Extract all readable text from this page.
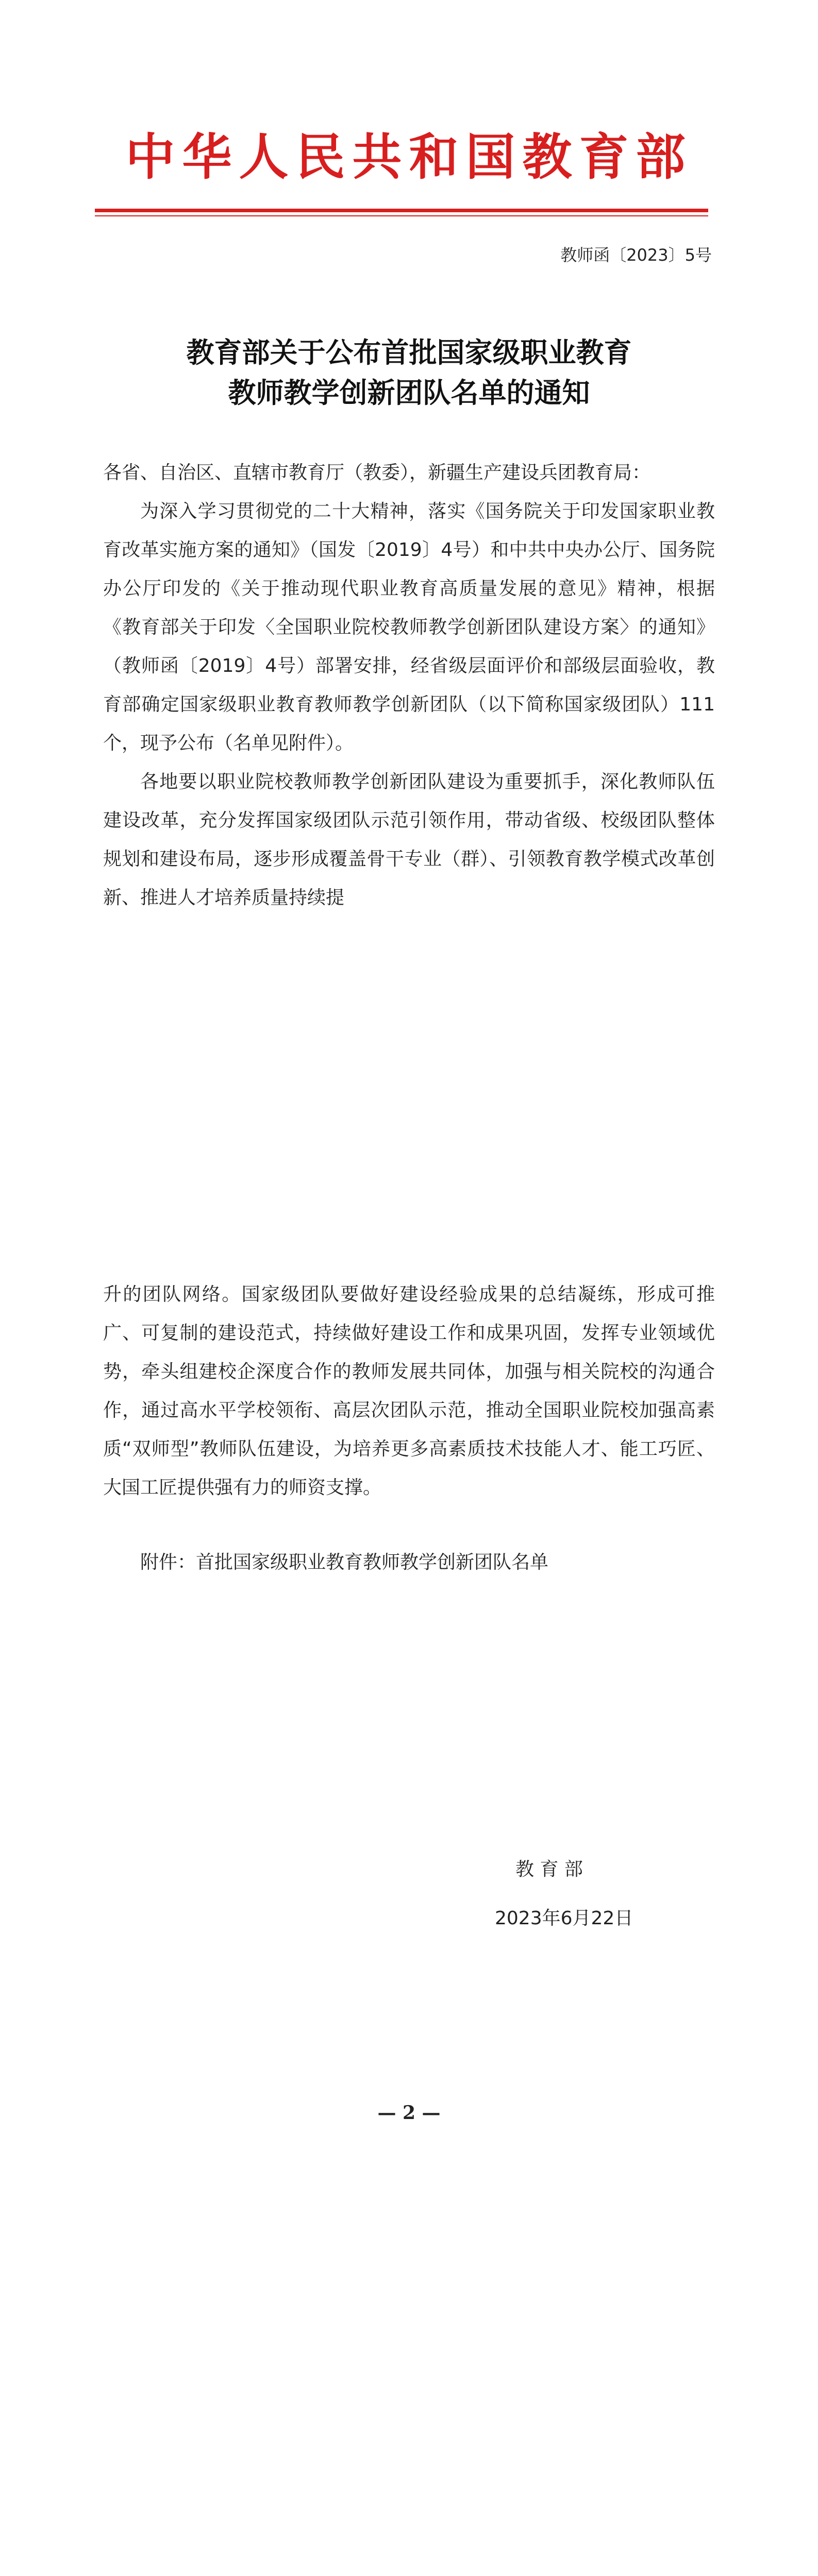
中华人民共和国教育部
教师函〔2023〕5号
教育部关于公布首批国家级职业教育
教师教学创新团队名单的通知

各省、自治区、直辖市教育厅（教委），新疆生产建设兵团教育局：

为深入学习贯彻党的二十大精神，落实《国务院关于印发国家职业教育改革实施方案的通知》（国发〔2019〕4号）和中共中央办公厅、国务院办公厅印发的《关于推动现代职业教育高质量发展的意见》精神，根据《教育部关于印发〈全国职业院校教师教学创新团队建设方案〉的通知》（教师函〔2019〕4号）部署安排，经省级层面评价和部级层面验收，教育部确定国家级职业教育教师教学创新团队（以下简称国家级团队）111个，现予公布（名单见附件）。

各地要以职业院校教师教学创新团队建设为重要抓手，深化教师队伍建设改革，充分发挥国家级团队示范引领作用，带动省级、校级团队整体规划和建设布局，逐步形成覆盖骨干专业（群）、引领教育教学模式改革创新、推进人才培养质量持续提

升的团队网络。国家级团队要做好建设经验成果的总结凝练，形成可推广、可复制的建设范式，持续做好建设工作和成果巩固，发挥专业领域优势，牵头组建校企深度合作的教师发展共同体，加强与相关院校的沟通合作，通过高水平学校领衔、高层次团队示范，推动全国职业院校加强高素质“双师型”教师队伍建设，为培养更多高素质技术技能人才、能工巧匠、大国工匠提供强有力的师资支撑。

附件：首批国家级职业教育教师教学创新团队名单

教 育 部
2023年6月22日
— 2 —
